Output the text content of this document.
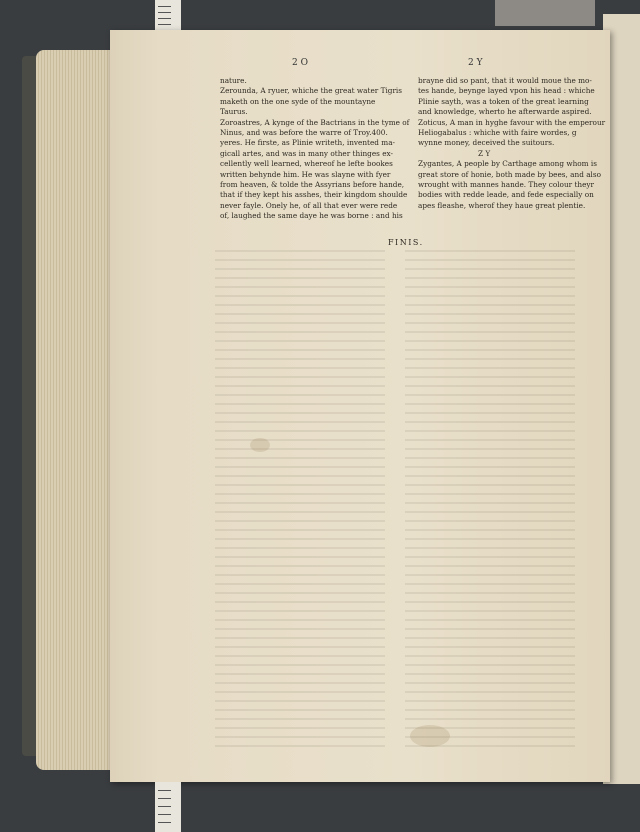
2 O	2 Y

nature.

Zerounda, A ryuer, whiche the great water Tigris

maketh on the one syde of the mountayne

Taurus.

Zoroastres, A kynge of the Bactrians in the tyme of

Ninus, and was before the warre of Troy.400.

yeres. He firste, as Plinie writeth, invented ma-

gicall artes, and was in many other thinges ex-

cellently well learned, whereof he lefte bookes

written behynde him. He was slayne with fyer

from heaven, & tolde the Assyrians before hande,

that if they kept his asshes, their kingdom shoulde

never fayle. Onely he, of all that ever were rede

of, laughed the same daye he was borne : and his

brayne did so pant, that it would moue the mo-

tes hande, beynge layed vpon his head : whiche

Plinie sayth, was a token of the great learning

and knowledge, wherto he afterwarde aspired.

Zoticus, A man in hyghe favour with the emperour

Heliogabalus : whiche with faire wordes, g

wynne money, deceived the suitours.

Z Y

Zygantes, A people by Carthage among whom is

great store of honie, both made by bees, and also

wrought with mannes hande. They colour theyr

bodies with redde leade, and fede especially on

apes fleashe, wherof they haue great plentie.

FINIS.
